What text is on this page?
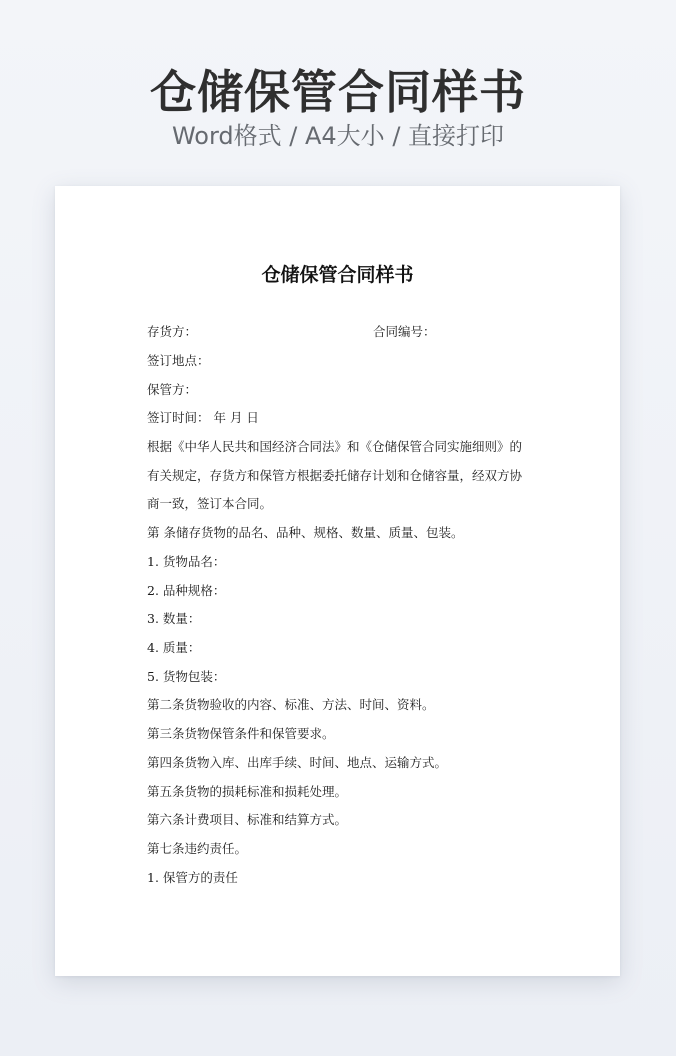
仓储保管合同样书
Word格式 / A4大小 / 直接打印
仓储保管合同样书
存货方：	合同编号：
签订地点：
保管方：
签订时间： 年 月 日
根据《中华人民共和国经济合同法》和《仓储保管合同实施细则》的
有关规定，存货方和保管方根据委托储存计划和仓储容量，经双方协
商一致，签订本合同。
第 条储存货物的品名、品种、规格、数量、质量、包装。
1. 货物品名：
2. 品种规格：
3. 数量：
4. 质量：
5. 货物包装：
第二条货物验收的内容、标准、方法、时间、资料。
第三条货物保管条件和保管要求。
第四条货物入库、出库手续、时间、地点、运输方式。
第五条货物的损耗标准和损耗处理。
第六条计费项目、标准和结算方式。
第七条违约责任。
1. 保管方的责任
